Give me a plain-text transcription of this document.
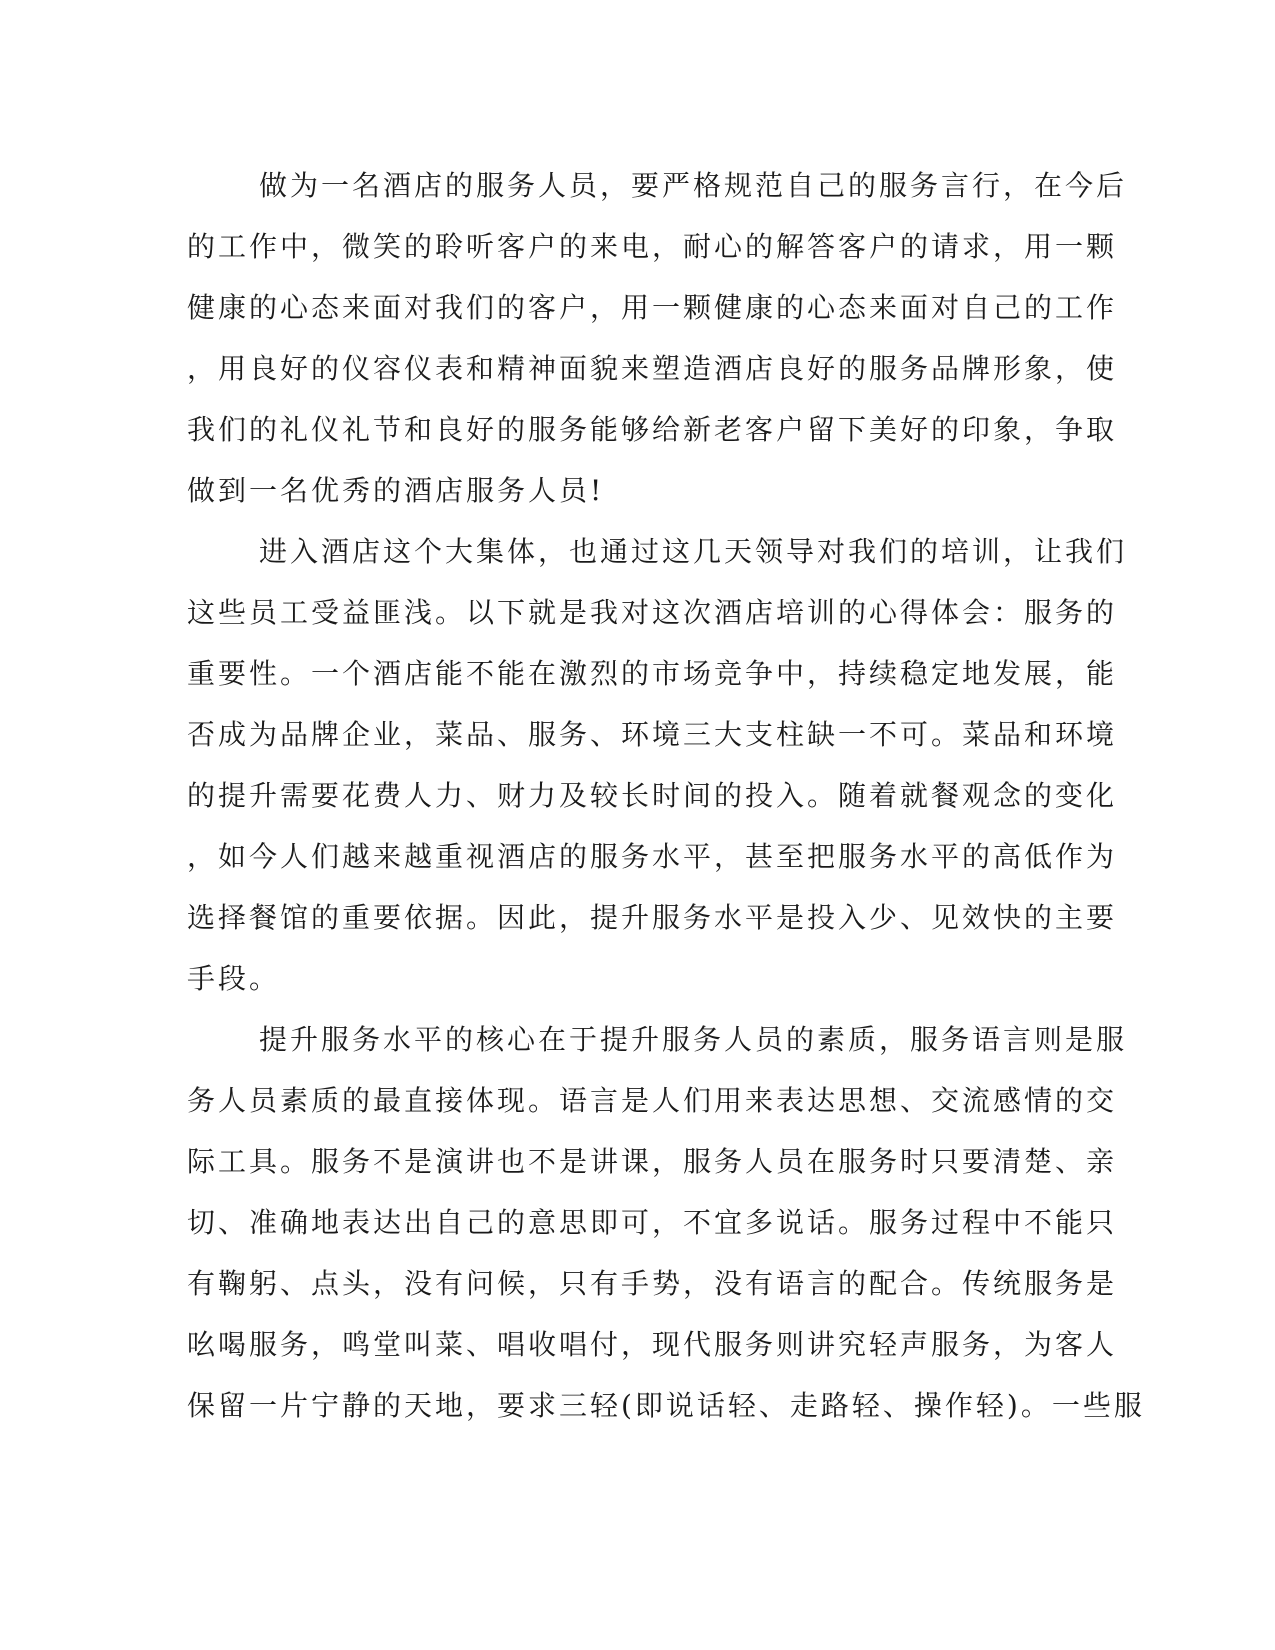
做为一名酒店的服务人员，要严格规范自己的服务言行，在今后
的工作中，微笑的聆听客户的来电，耐心的解答客户的请求，用一颗
健康的心态来面对我们的客户，用一颗健康的心态来面对自己的工作
，用良好的仪容仪表和精神面貌来塑造酒店良好的服务品牌形象，使
我们的礼仪礼节和良好的服务能够给新老客户留下美好的印象，争取
做到一名优秀的酒店服务人员!
进入酒店这个大集体，也通过这几天领导对我们的培训，让我们
这些员工受益匪浅。以下就是我对这次酒店培训的心得体会：服务的
重要性。一个酒店能不能在激烈的市场竞争中，持续稳定地发展，能
否成为品牌企业，菜品、服务、环境三大支柱缺一不可。菜品和环境
的提升需要花费人力、财力及较长时间的投入。随着就餐观念的变化
，如今人们越来越重视酒店的服务水平，甚至把服务水平的高低作为
选择餐馆的重要依据。因此，提升服务水平是投入少、见效快的主要
手段。
提升服务水平的核心在于提升服务人员的素质，服务语言则是服
务人员素质的最直接体现。语言是人们用来表达思想、交流感情的交
际工具。服务不是演讲也不是讲课，服务人员在服务时只要清楚、亲
切、准确地表达出自己的意思即可，不宜多说话。服务过程中不能只
有鞠躬、点头，没有问候，只有手势，没有语言的配合。传统服务是
吆喝服务，鸣堂叫菜、唱收唱付，现代服务则讲究轻声服务，为客人
保留一片宁静的天地，要求三轻(即说话轻、走路轻、操作轻)。一些服
